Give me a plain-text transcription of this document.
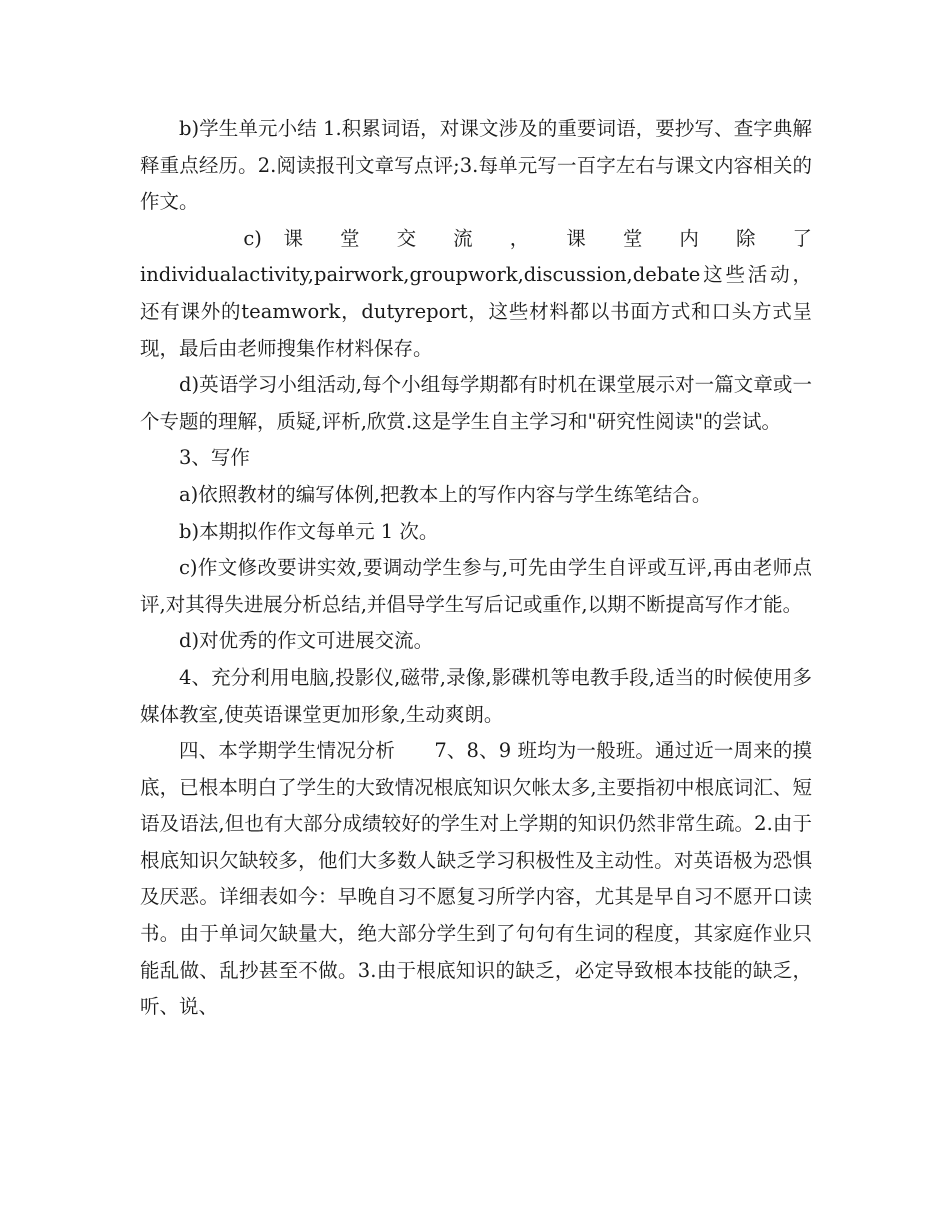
b)学生单元小结 1.积累词语，对课文涉及的重要词语，要抄写、查字典解释重点经历。2.阅读报刊文章写点评;3.每单元写一百字左右与课文内容相关的作文。

c) 课 堂 交 流 ， 课 堂 内 除 了

individualactivity,pairwork,groupwork,discussion,debate这些活动，还有课外的teamwork，dutyreport，这些材料都以书面方式和口头方式呈现，最后由老师搜集作材料保存。

d)英语学习小组活动,每个小组每学期都有时机在课堂展示对一篇文章或一个专题的理解，质疑,评析,欣赏.这是学生自主学习和"研究性阅读"的尝试。

3、写作

a)依照教材的编写体例,把教本上的写作内容与学生练笔结合。

b)本期拟作作文每单元 1 次。

c)作文修改要讲实效,要调动学生参与,可先由学生自评或互评,再由老师点评,对其得失进展分析总结,并倡导学生写后记或重作,以期不断提高写作才能。

d)对优秀的作文可进展交流。

4、充分利用电脑,投影仪,磁带,录像,影碟机等电教手段,适当的时候使用多媒体教室,使英语课堂更加形象,生动爽朗。

四、本学期学生情况分析　　7、8、9 班均为一般班。通过近一周来的摸底，已根本明白了学生的大致情况根底知识欠帐太多,主要指初中根底词汇、短语及语法,但也有大部分成绩较好的学生对上学期的知识仍然非常生疏。2.由于根底知识欠缺较多，他们大多数人缺乏学习积极性及主动性。对英语极为恐惧及厌恶。详细表如今：早晚自习不愿复习所学内容，尤其是早自习不愿开口读书。由于单词欠缺量大，绝大部分学生到了句句有生词的程度，其家庭作业只能乱做、乱抄甚至不做。3.由于根底知识的缺乏，必定导致根本技能的缺乏，听、说、
